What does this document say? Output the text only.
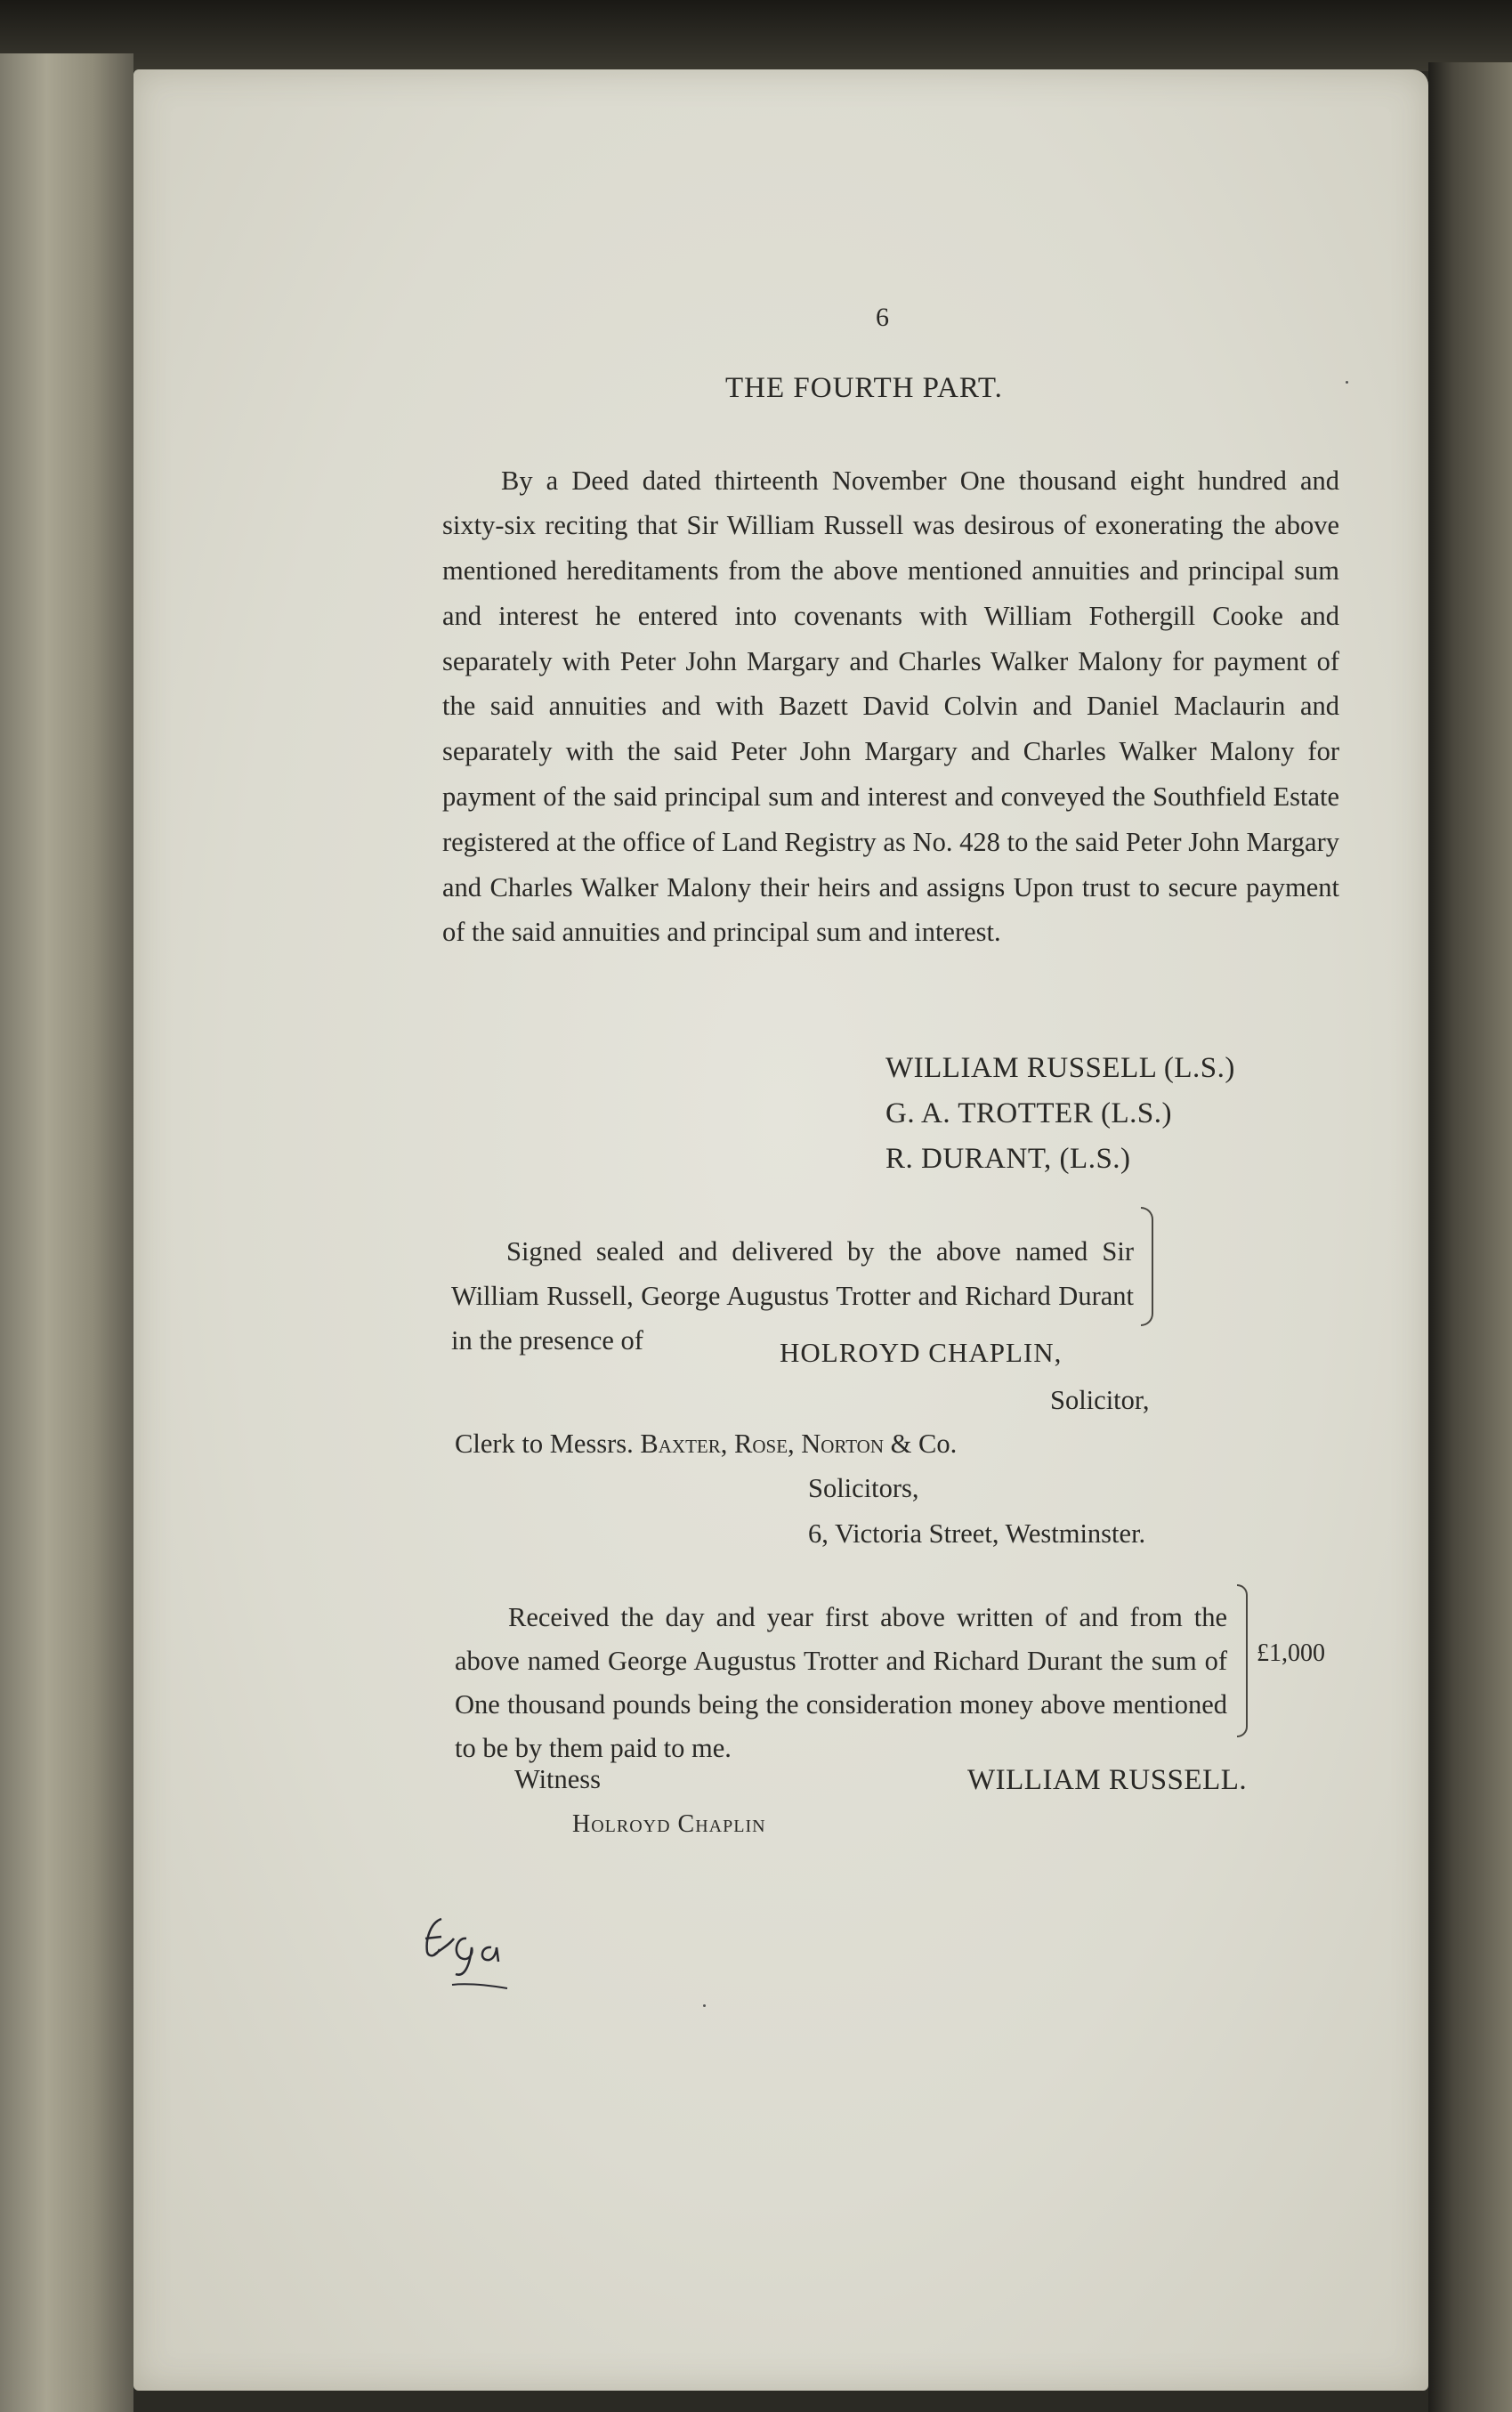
6
THE FOURTH PART.

By a Deed dated thirteenth November One thousand eight hundred and sixty-six reciting that Sir William Russell was desirous of exonerating the above mentioned hereditaments from the above mentioned annuities and principal sum and interest he entered into covenants with William Fothergill Cooke and separately with Peter John Margary and Charles Walker Malony for payment of the said annuities and with Bazett David Colvin and Daniel Maclaurin and separately with the said Peter John Margary and Charles Walker Malony for payment of the said principal sum and interest and conveyed the Southfield Estate registered at the office of Land Registry as No. 428 to the said Peter John Margary and Charles Walker Malony their heirs and assigns Upon trust to secure payment of the said annuities and principal sum and interest.

WILLIAM RUSSELL (L.S.)
G. A. TROTTER (L.S.)
R. DURANT, (L.S.)

Signed sealed and delivered by the above named Sir William Russell, George Augustus Trotter and Richard Durant in the presence of	HOLROYD CHAPLIN,
Solicitor,
Clerk to Messrs. Baxter, Rose, Norton & Co.
Solicitors,
6, Victoria Street, Westminster.

Received the day and year first above written of and from the above named George Augustus Trotter and Richard Durant the sum of One thousand pounds being the consideration money above mentioned to be by them paid to me.

£1,000
Witness	WILLIAM RUSSELL.
Holroyd Chaplin
